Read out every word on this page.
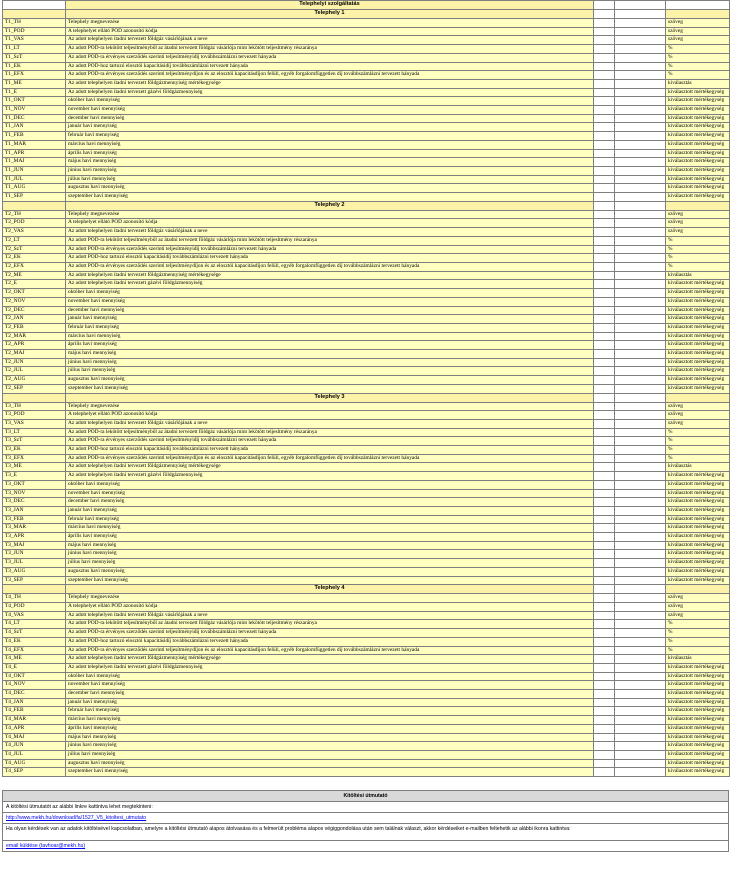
	Telephelyi szolgáltatás			
	Telephely 1			
T1_TH	Telephely megnevezése			szöveg
T1_POD	A telephelyet ellátó POD azonosító kódja			szöveg
T1_VAS	Az adott telephelyen ítadni tervezett földgáz vásárlójának a neve			szöveg
T1_LT	Az adott POD-ra lekötött teljesítményből az átadni tervezett földgáz vásárlója mint lekötött teljesítmény részaránya			%
T1_SzT	Az adott POD-ra érvényes szerződés szerinti teljesítményidíj továbbszámlázni tervezett hányada			%
T1_EK	Az adott POD-hoz tartozó elosztói kapacitásidíj továbbszámlázni tervezett hányada			%
T1_EFX	Az adott POD-ra érvényes szerződés szerinti teljesítménydíjon és az elosztói kapacitásdíjon felüli, egyéb forgalomfüggetlen díj továbbszámlázni tervezett hányada			%
T1_ME	Az adott telephelyen ítadni tervezett földgázmennyiség mértékegysége			kiválasztás
T1_E	Az adott telephelyen ítadni tervezett gázévi földgázmennyiség			kiválasztott mértékegység
T1_OKT	október havi mennyiség			kiválasztott mértékegység
T1_NOV	november havi mennyiség			kiválasztott mértékegység
T1_DEC	december havi mennyiség			kiválasztott mértékegység
T1_JAN	január havi mennyiség			kiválasztott mértékegység
T1_FEB	február havi mennyiség			kiválasztott mértékegység
T1_MAR	március havi mennyiség			kiválasztott mértékegység
T1_APR	április havi mennyiség			kiválasztott mértékegység
T1_MAJ	május havi mennyiség			kiválasztott mértékegység
T1_JUN	június havi mennyiség			kiválasztott mértékegység
T1_JUL	július havi mennyiség			kiválasztott mértékegység
T1_AUG	augusztus havi mennyiség			kiválasztott mértékegység
T1_SEP	szeptember havi mennyiség			kiválasztott mértékegység
	Telephely 2			
T2_TH	Telephely megnevezése			szöveg
T2_POD	A telephelyet ellátó POD azonosító kódja			szöveg
T2_VAS	Az adott telephelyen ítadni tervezett földgáz vásárlójának a neve			szöveg
T2_LT	Az adott POD-ra lekötött teljesítményből az átadni tervezett földgáz vásárlója mint lekötött teljesítmény részaránya			%
T2_SzT	Az adott POD-ra érvényes szerződés szerinti teljesítményidíj továbbszámlázni tervezett hányada			%
T2_EK	Az adott POD-hoz tartozó elosztói kapacitásidíj továbbszámlázni tervezett hányada			%
T2_EFX	Az adott POD-ra érvényes szerződés szerinti teljesítménydíjon és az elosztói kapacitásdíjon felüli, egyéb forgalomfüggetlen díj továbbszámlázni tervezett hányada			%
T2_ME	Az adott telephelyen ítadni tervezett földgázmennyiség mértékegysége			kiválasztás
T2_E	Az adott telephelyen ítadni tervezett gázévi földgázmennyiség			kiválasztott mértékegység
T2_OKT	október havi mennyiség			kiválasztott mértékegység
T2_NOV	november havi mennyiség			kiválasztott mértékegység
T2_DEC	december havi mennyiség			kiválasztott mértékegység
T2_JAN	január havi mennyiség			kiválasztott mértékegység
T2_FEB	február havi mennyiség			kiválasztott mértékegység
T2_MAR	március havi mennyiség			kiválasztott mértékegység
T2_APR	április havi mennyiség			kiválasztott mértékegység
T2_MAJ	május havi mennyiség			kiválasztott mértékegység
T2_JUN	június havi mennyiség			kiválasztott mértékegység
T2_JUL	július havi mennyiség			kiválasztott mértékegység
T2_AUG	augusztus havi mennyiség			kiválasztott mértékegység
T2_SEP	szeptember havi mennyiség			kiválasztott mértékegység
	Telephely 3			
T3_TH	Telephely megnevezése			szöveg
T3_POD	A telephelyet ellátó POD azonosító kódja			szöveg
T3_VAS	Az adott telephelyen ítadni tervezett földgáz vásárlójának a neve			szöveg
T3_LT	Az adott POD-ra lekötött teljesítményből az átadni tervezett földgáz vásárlója mint lekötött teljesítmény részaránya			%
T3_SzT	Az adott POD-ra érvényes szerződés szerinti teljesítményidíj továbbszámlázni tervezett hányada			%
T3_EK	Az adott POD-hoz tartozó elosztói kapacitásidíj továbbszámlázni tervezett hányada			%
T3_EFX	Az adott POD-ra érvényes szerződés szerinti teljesítménydíjon és az elosztói kapacitásdíjon felüli, egyéb forgalomfüggetlen díj továbbszámlázni tervezett hányada			%
T3_ME	Az adott telephelyen ítadni tervezett földgázmennyiség mértékegysége			kiválasztás
T3_E	Az adott telephelyen ítadni tervezett gázévi földgázmennyiség			kiválasztott mértékegység
T3_OKT	október havi mennyiség			kiválasztott mértékegység
T3_NOV	november havi mennyiség			kiválasztott mértékegység
T3_DEC	december havi mennyiség			kiválasztott mértékegység
T3_JAN	január havi mennyiség			kiválasztott mértékegység
T3_FEB	február havi mennyiség			kiválasztott mértékegység
T3_MAR	március havi mennyiség			kiválasztott mértékegység
T3_APR	április havi mennyiség			kiválasztott mértékegység
T3_MAJ	május havi mennyiség			kiválasztott mértékegység
T3_JUN	június havi mennyiség			kiválasztott mértékegység
T3_JUL	július havi mennyiség			kiválasztott mértékegység
T3_AUG	augusztus havi mennyiség			kiválasztott mértékegység
T3_SEP	szeptember havi mennyiség			kiválasztott mértékegység
	Telephely 4			
T4_TH	Telephely megnevezése			szöveg
T4_POD	A telephelyet ellátó POD azonosító kódja			szöveg
T4_VAS	Az adott telephelyen ítadni tervezett földgáz vásárlójának a neve			szöveg
T4_LT	Az adott POD-ra lekötött teljesítményből az átadni tervezett földgáz vásárlója mint lekötött teljesítmény részaránya			%
T4_SzT	Az adott POD-ra érvényes szerződés szerinti teljesítményidíj továbbszámlázni tervezett hányada			%
T4_EK	Az adott POD-hoz tartozó elosztói kapacitásidíj továbbszámlázni tervezett hányada			%
T4_EFX	Az adott POD-ra érvényes szerződés szerinti teljesítménydíjon és az elosztói kapacitásdíjon felüli, egyéb forgalomfüggetlen díj továbbszámlázni tervezett hányada			%
T4_ME	Az adott telephelyen ítadni tervezett földgázmennyiség mértékegysége			kiválasztás
T4_E	Az adott telephelyen ítadni tervezett gázévi földgázmennyiség			kiválasztott mértékegység
T4_OKT	október havi mennyiség			kiválasztott mértékegység
T4_NOV	november havi mennyiség			kiválasztott mértékegység
T4_DEC	december havi mennyiség			kiválasztott mértékegység
T4_JAN	január havi mennyiség			kiválasztott mértékegység
T4_FEB	február havi mennyiség			kiválasztott mértékegység
T4_MAR	március havi mennyiség			kiválasztott mértékegység
T4_APR	április havi mennyiség			kiválasztott mértékegység
T4_MAJ	május havi mennyiség			kiválasztott mértékegység
T4_JUN	június havi mennyiség			kiválasztott mértékegység
T4_JUL	július havi mennyiség			kiválasztott mértékegység
T4_AUG	augusztus havi mennyiség			kiválasztott mértékegység
T4_SEP	szeptember havi mennyiség			kiválasztott mértékegység
Kitöltési útmutató
A kitöltési útmutatót az alábbi linkre kattintva lehet megtekinteni:
http://www.mekh.hu/download/fa/1527_V5_kitoltesi_utmutato
Ha olyan kérdések van az adatok kitöltésével kapcsolatban, amelyre a kitöltési útmutató alapos átolvasása és a felmerült probléma alapos végiggondolása után sem találnak választ, akkor kérdéseiket e-mailben feltehetik az alábbi ikonra kattintva:
email küldése (tavhoar@mekh.hu)
